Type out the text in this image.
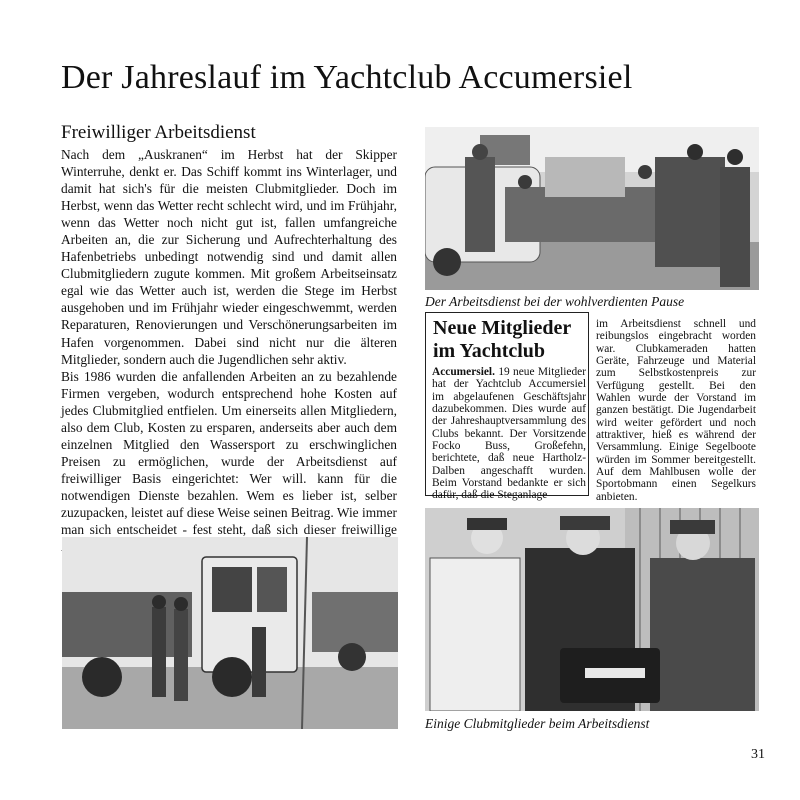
Der Jahreslauf im Yachtclub Accumersiel
Freiwilliger Arbeitsdienst

Nach dem „Auskranen“ im Herbst hat der Skipper Winterruhe, denkt er. Das Schiff kommt ins Winterlager, und damit hat sich's für die meisten Clubmitglieder. Doch im Herbst, wenn das Wetter recht schlecht wird, und im Frühjahr, wenn das Wetter noch nicht gut ist, fallen umfangreiche Arbeiten an, die zur Sicherung und Aufrechterhaltung des Hafenbetriebs unbedingt notwendig sind und damit allen Clubmitgliedern zugute kommen. Mit großem Arbeitseinsatz egal wie das Wetter auch ist, werden die Stege im Herbst ausgehoben und im Frühjahr wieder eingeschwemmt, werden Reparaturen, Renovierungen und Verschönerungsarbeiten im Hafen vorgenommen. Dabei sind nicht nur die älteren Mitglieder, sondern auch die Jugendlichen sehr aktiv.

Bis 1986 wurden die anfallenden Arbeiten an zu bezahlende Firmen vergeben, wodurch entsprechend hohe Kosten auf jedes Clubmitglied entfielen. Um einerseits allen Mitgliedern, also dem Club, Kosten zu ersparen, anderseits aber auch dem einzelnen Mitglied den Wassersport zu erschwinglichen Preisen zu ermöglichen, wurde der Arbeitsdienst auf freiwilliger Basis eingerichtet: Wer will. kann für die notwendigen Dienste bezahlen. Wem es lieber ist, selber zuzupacken, leistet auf diese Weise seinen Beitrag. Wie immer man sich entscheidet - fest steht, daß sich dieser freiwillige

Der Arbeitsdienst bei der wohlverdienten Pause
Neue Mitglieder
im Yachtclub
Accumersiel. 19 neue Mitglieder hat der Yachtclub Accumersiel im abgelaufenen Geschäftsjahr dazubekommen. Dies wurde auf der Jahreshauptversammlung des Clubs bekannt. Der Vorsitzende Focko Buss, Großefehn, berichtete, daß neue Hartholz-Dalben angeschafft wurden. Beim Vorstand bedankte er sich dafür, daß die Steganlage
im Arbeitsdienst schnell und reibungslos eingebracht worden war. Clubkameraden hatten Geräte, Fahrzeuge und Material zum Selbstkostenpreis zur Verfügung gestellt. Bei den Wahlen wurde der Vorstand im ganzen bestätigt. Die Jugendarbeit wird weiter gefördert und noch attraktiver, hieß es während der Versammlung. Einige Segelboote würden im Sommer bereitgestellt. Auf dem Mahlbusen wolle der Sportobmann einen Segelkurs anbieten.
Einige Clubmitglieder beim Arbeitsdienst
31
